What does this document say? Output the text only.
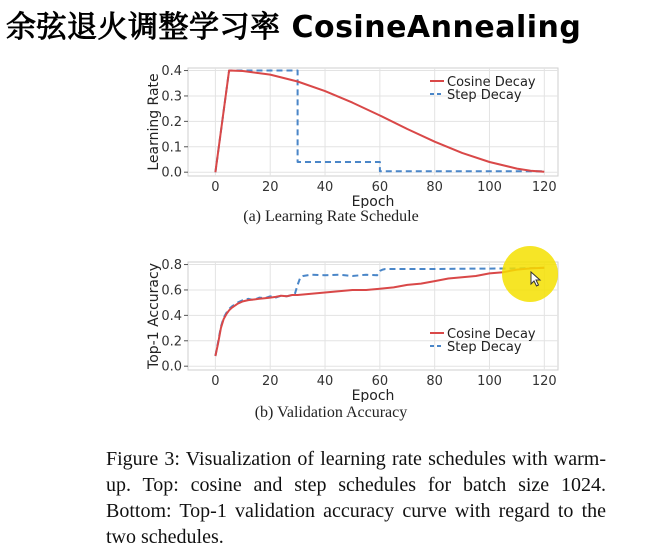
余弦退火调整学习率 CosineAnnealing
0	20	40	60	80	100 120
0.0
0.1
0.2
0.3
0.4
Epoch
Learning Rate	Cosine Decay
Step Decay
(a) Learning Rate Schedule
0	20	40	60	80	100 120
0.0
0.2
0.4
0.6
0.8
Epoch
Top-1 Accuracy	Cosine Decay
Step Decay
(b) Validation Accuracy

Figure 3: Visualization of learning rate schedules with warm-up. Top: cosine and step schedules for batch size 1024. Bottom: Top-1 validation accuracy curve with regard to the two schedules.
